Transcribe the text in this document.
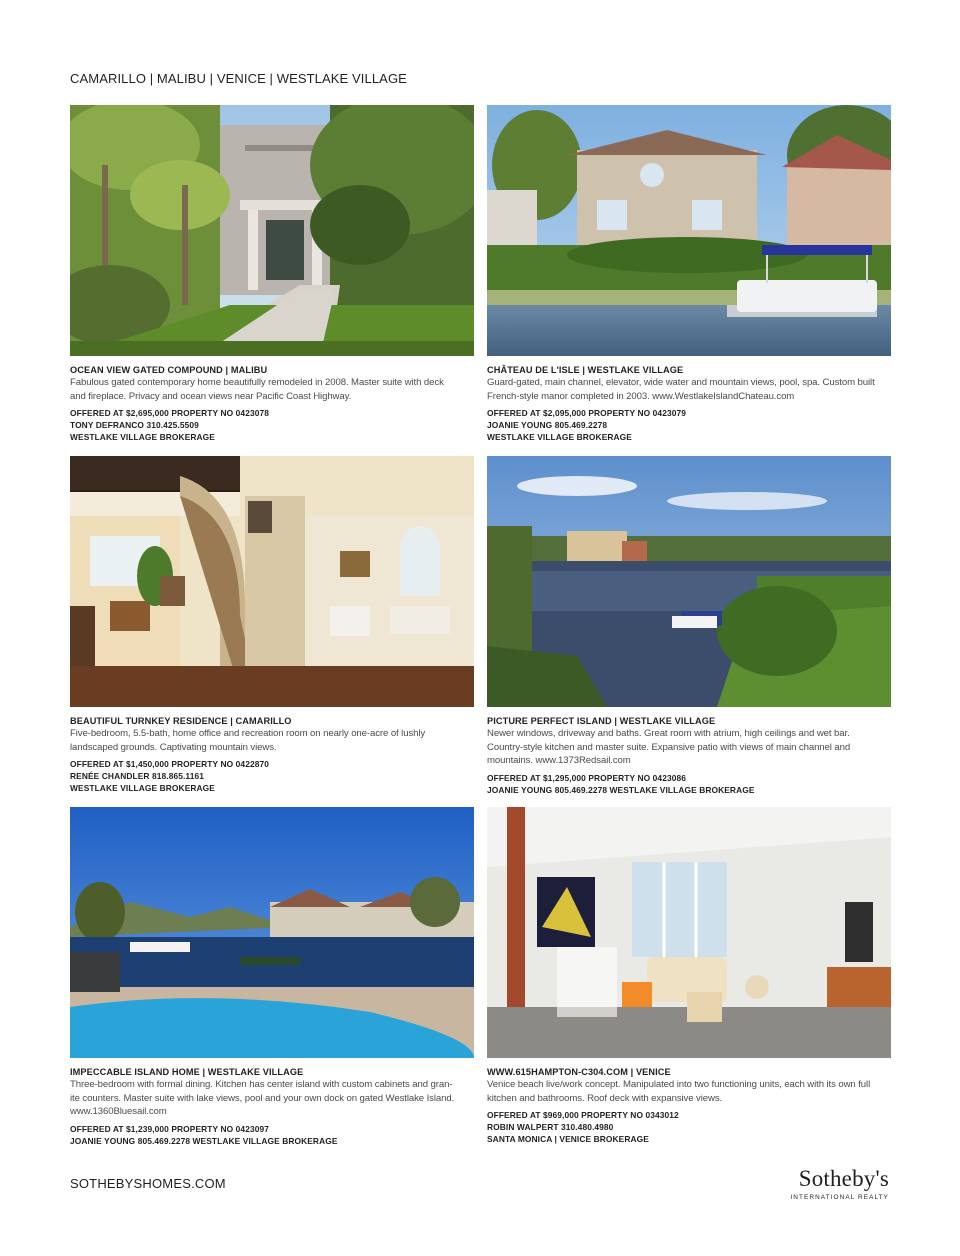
CAMARILLO | MALIBU | VENICE | WESTLAKE VILLAGE
OCEAN VIEW GATED COMPOUND | MALIBU
Fabulous gated contemporary home beautifully remodeled in 2008. Master suite with deck
and fireplace. Privacy and ocean views near Pacific Coast Highway.
OFFERED AT $2,695,000 PROPERTY NO 0423078
TONY DEFRANCO 310.425.5509
WESTLAKE VILLAGE BROKERAGE
CHÂTEAU DE L'ISLE | WESTLAKE VILLAGE
Guard-gated, main channel, elevator, wide water and mountain views, pool, spa. Custom built
French-style manor completed in 2003. www.WestlakeIslandChateau.com
OFFERED AT $2,095,000 PROPERTY NO 0423079
JOANIE YOUNG 805.469.2278
WESTLAKE VILLAGE BROKERAGE
BEAUTIFUL TURNKEY RESIDENCE | CAMARILLO
Five-bedroom, 5.5-bath, home office and recreation room on nearly one-acre of lushly
landscaped grounds. Captivating mountain views.
OFFERED AT $1,450,000 PROPERTY NO 0422870
RENÉE CHANDLER 818.865.1161
WESTLAKE VILLAGE BROKERAGE
PICTURE PERFECT ISLAND | WESTLAKE VILLAGE
Newer windows, driveway and baths. Great room with atrium, high ceilings and wet bar.
Country-style kitchen and master suite. Expansive patio with views of main channel and
mountains. www.1373Redsail.com
OFFERED AT $1,295,000 PROPERTY NO 0423086
JOANIE YOUNG 805.469.2278 WESTLAKE VILLAGE BROKERAGE
IMPECCABLE ISLAND HOME | WESTLAKE VILLAGE
Three-bedroom with formal dining. Kitchen has center island with custom cabinets and gran-
ite counters. Master suite with lake views, pool and your own dock on gated Westlake Island.
www.1360Bluesail.com
OFFERED AT $1,239,000 PROPERTY NO 0423097
JOANIE YOUNG 805.469.2278 WESTLAKE VILLAGE BROKERAGE
WWW.615HAMPTON-C304.COM | VENICE
Venice beach live/work concept. Manipulated into two functioning units, each with its own full
kitchen and bathrooms. Roof deck with expansive views.
OFFERED AT $969,000 PROPERTY NO 0343012
ROBIN WALPERT 310.480.4980
SANTA MONICA | VENICE BROKERAGE
SOTHEBYSHOMES.COM	Sotheby's
INTERNATIONAL REALTY
